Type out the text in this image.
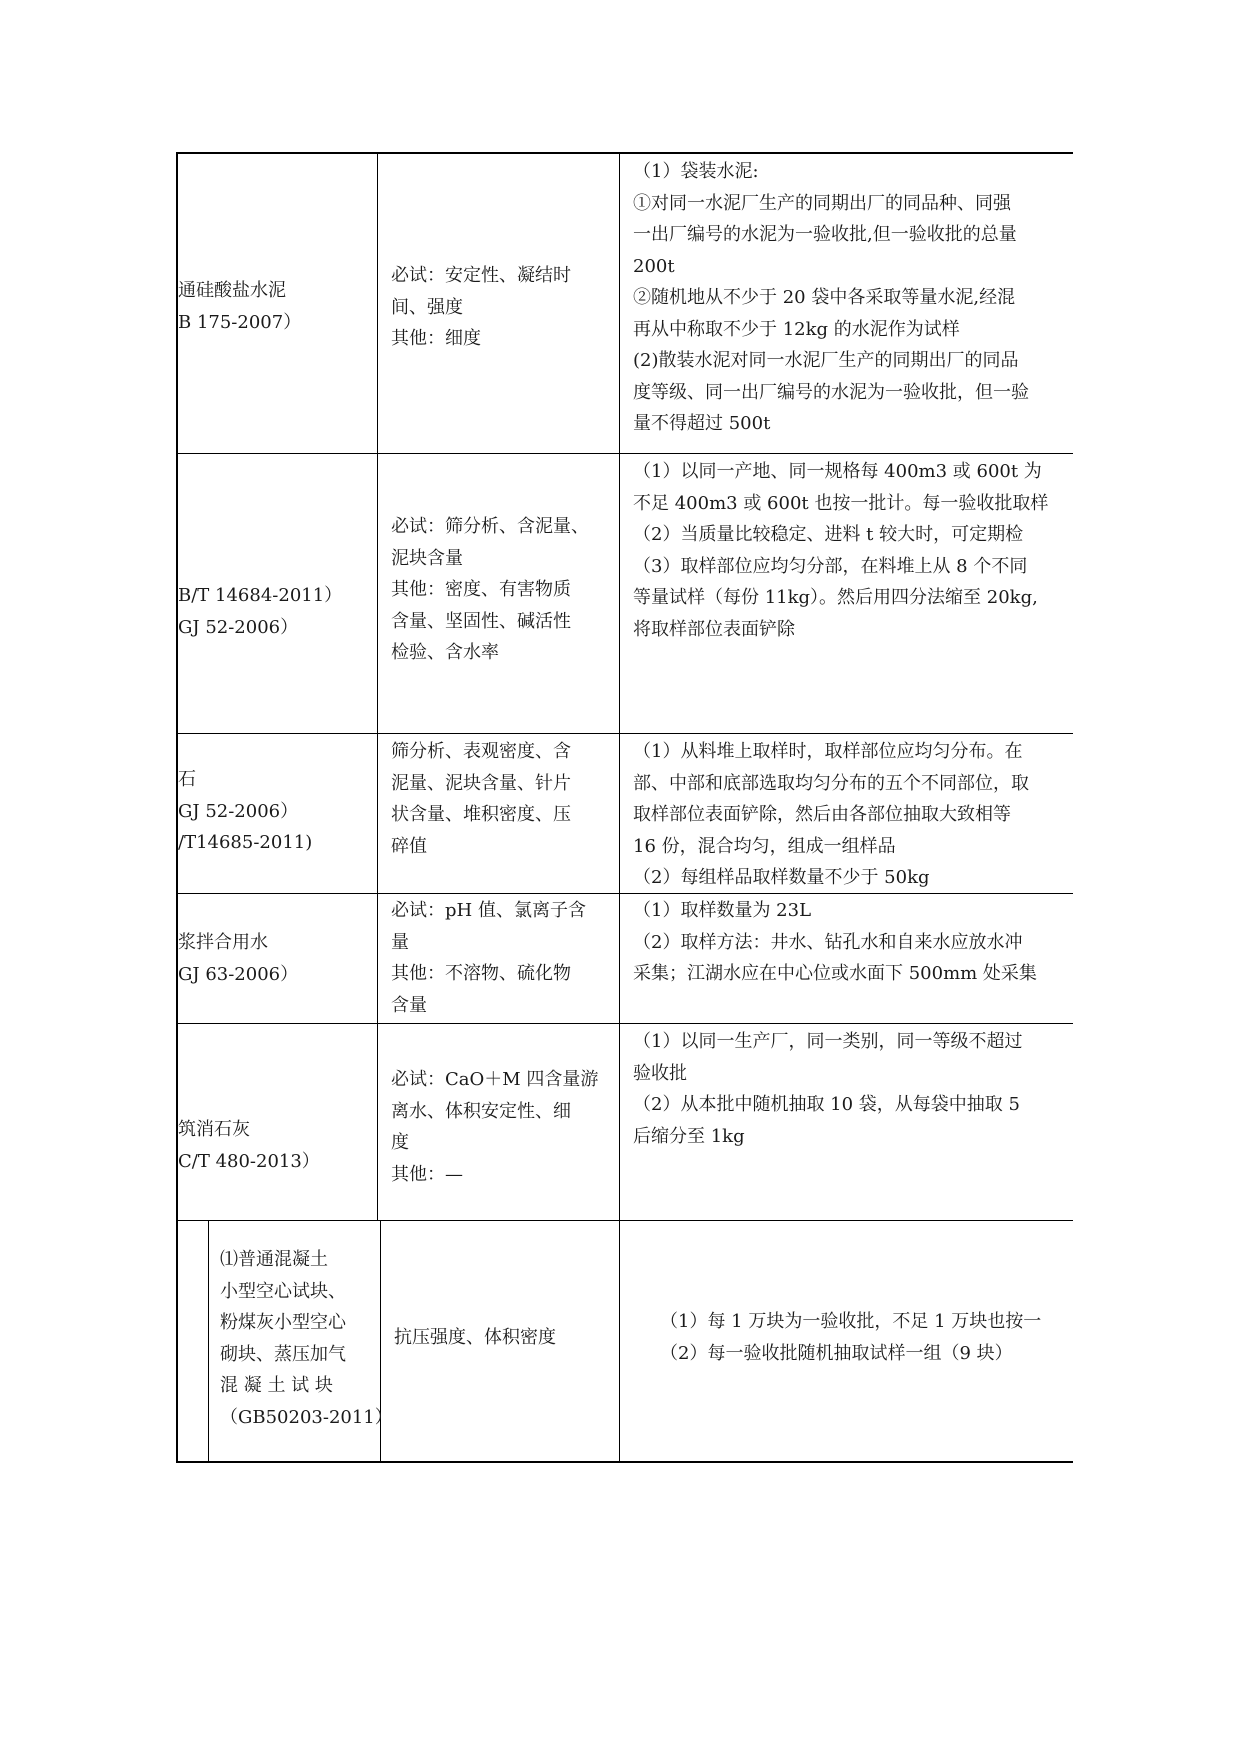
通硅酸盐水泥
B 175-2007）
必试：安定性、凝结时
间、强度
其他：细度
（1）袋装水泥:
①对同一水泥厂生产的同期出厂的同品种、同强
一出厂编号的水泥为一验收批,但一验收批的总量
200t
②随机地从不少于 20 袋中各采取等量水泥,经混
再从中称取不少于 12kg 的水泥作为试样
(2)散装水泥对同一水泥厂生产的同期出厂的同品
度等级、同一出厂编号的水泥为一验收批，但一验
量不得超过 500t
B/T 14684-2011）
GJ 52-2006）
必试：筛分析、含泥量、
泥块含量
其他：密度、有害物质
含量、坚固性、碱活性
检验、含水率
（1）以同一产地、同一规格每 400m3 或 600t 为
不足 400m3 或 600t 也按一批计。每一验收批取样
（2）当质量比较稳定、进料 t 较大时，可定期检
（3）取样部位应均匀分部，在料堆上从 8 个不同
等量试样（每份 11kg）。然后用四分法缩至 20kg,
将取样部位表面铲除
石
GJ 52-2006）
/T14685-2011)
筛分析、表观密度、含
泥量、泥块含量、针片
状含量、堆积密度、压
碎值
（1）从料堆上取样时，取样部位应均匀分布。在
部、中部和底部选取均匀分布的五个不同部位，取
取样部位表面铲除，然后由各部位抽取大致相等
16 份，混合均匀，组成一组样品
（2）每组样品取样数量不少于 50kg
浆拌合用水
GJ 63-2006）
必试：pH 值、氯离子含
量
其他：不溶物、硫化物
含量
（1）取样数量为 23L
（2）取样方法：井水、钻孔水和自来水应放水冲
采集；江湖水应在中心位或水面下 500mm 处采集
筑消石灰
C/T 480-2013）
必试：CaO＋M 四含量游
离水、体积安定性、细
度
其他：—
（1）以同一生产厂，同一类别，同一等级不超过
验收批
（2）从本批中随机抽取 10 袋，从每袋中抽取 5
后缩分至 1kg
⑴普通混凝土
小型空心试块、
粉煤灰小型空心
砌块、蒸压加气
混 凝 土 试 块
（GB50203-2011）
抗压强度、体积密度
（1）每 1 万块为一验收批，不足 1 万块也按一
（2）每一验收批随机抽取试样一组（9 块）
